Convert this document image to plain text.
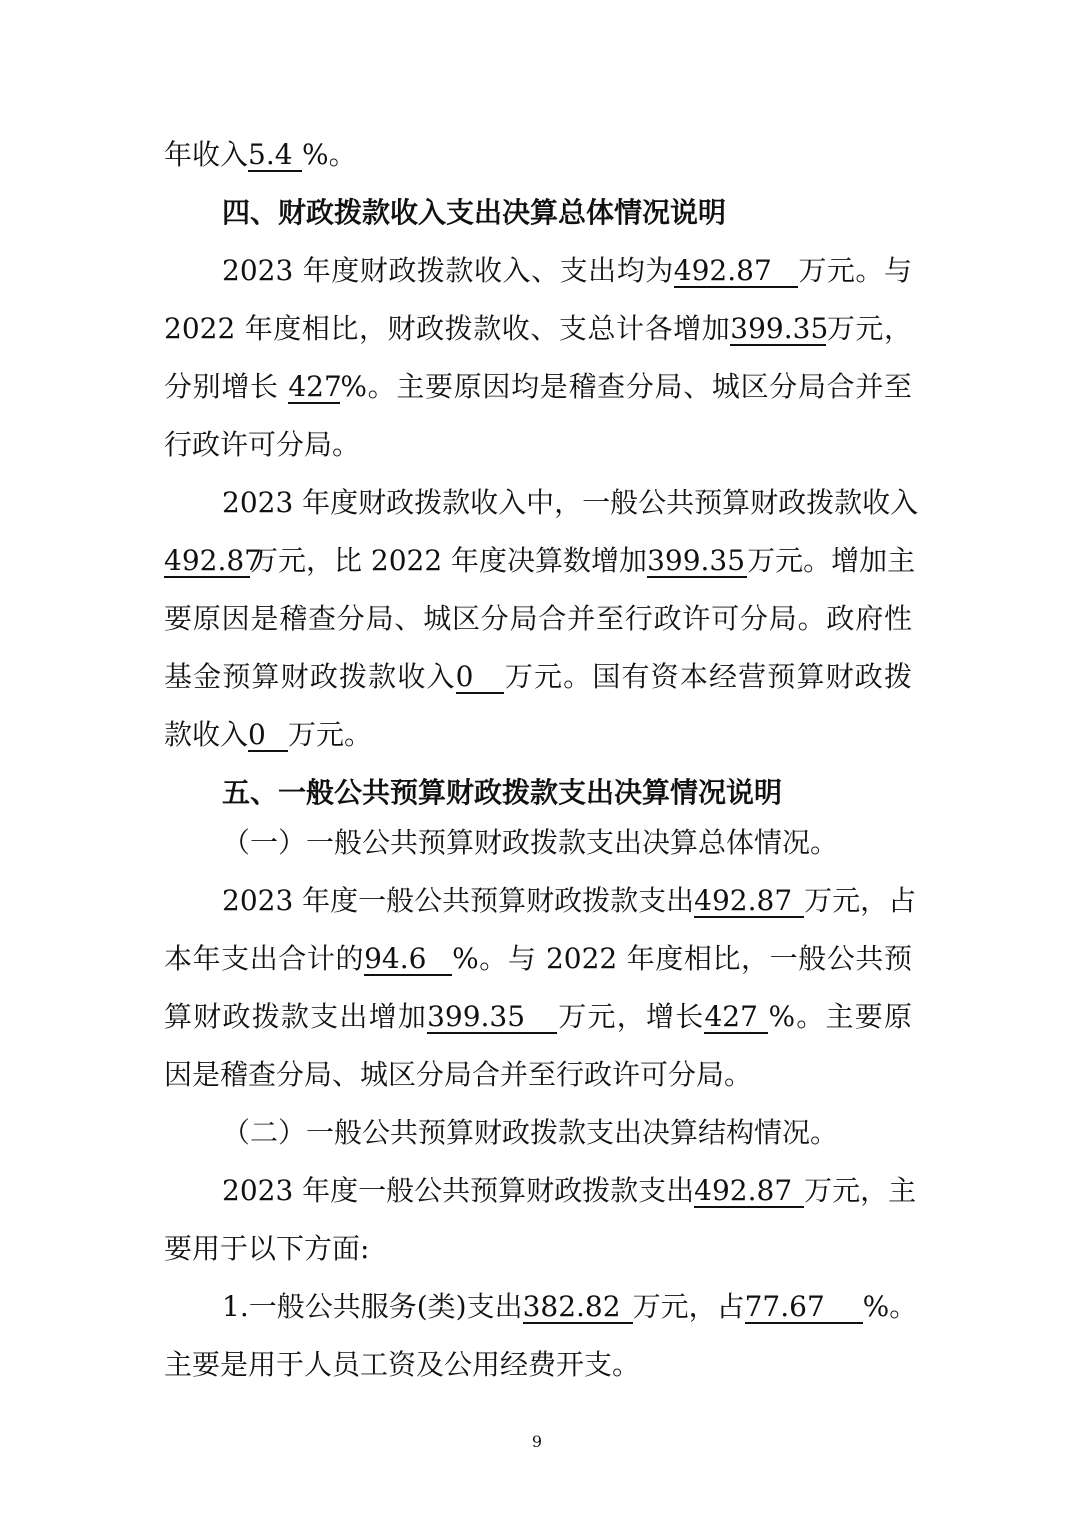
年收入5.4%。
四、财政拨款收入支出决算总体情况说明
2023 年度财政拨款收入、支出均为492.87 万元。与
2022 年度相比，财政拨款收、支总计各增加399.35万元，
分别增长 427%。主要原因均是稽查分局、城区分局合并至
行政许可分局。
2023 年度财政拨款收入中，一般公共预算财政拨款收入
492.87万元，比 2022 年度决算数增加399.35万元。增加主
要原因是稽查分局、城区分局合并至行政许可分局。政府性
基金预算财政拨款收入0 万元。国有资本经营预算财政拨
款收入0 万元。
五、一般公共预算财政拨款支出决算情况说明
（一）一般公共预算财政拨款支出决算总体情况。
2023 年度一般公共预算财政拨款支出492.87万元，占
本年支出合计的94.6%。与 2022 年度相比，一般公共预
算财政拨款支出增加399.35 万元，增长427%。主要原
因是稽查分局、城区分局合并至行政许可分局。
（二）一般公共预算财政拨款支出决算结构情况。
2023 年度一般公共预算财政拨款支出492.87万元，主
要用于以下方面:
1.一般公共服务(类)支出382.82万元，占77.67%。
主要是用于人员工资及公用经费开支。
9
